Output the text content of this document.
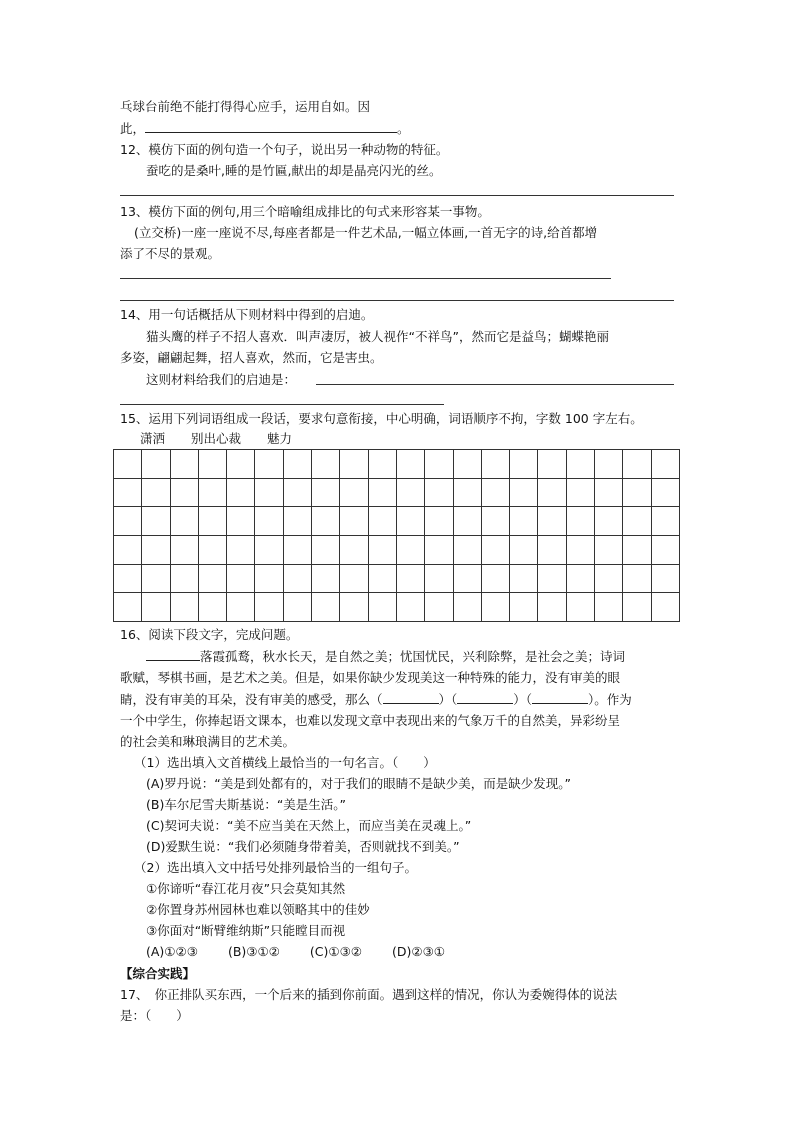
乓球台前绝不能打得得心应手，运用自如。因
此，	。
12、模仿下面的例句造一个句子，说出另一种动物的特征。
蚕吃的是桑叶,睡的是竹匾,献出的却是晶亮闪光的丝。
13、模仿下面的例句,用三个暗喻组成排比的句式来形容某一事物。
(立交桥)一座一座说不尽,每座者都是一件艺术品,一幅立体画,一首无字的诗,给首都增
添了不尽的景观。
14、用一句话概括从下则材料中得到的启迪。
猫头鹰的样子不招人喜欢．叫声凄厉，被人视作“不祥鸟”，然而它是益鸟；蝴蝶艳丽
多姿，翩翩起舞，招人喜欢，然而，它是害虫。
这则材料给我们的启迪是：
15、运用下列词语组成一段话，要求句意衔接，中心明确，词语顺序不拘，字数 100 字左右。
潇洒 别出心裁 魅力
16、阅读下段文字，完成问题。
落霞孤鹜，秋水长天，是自然之美；忧国忧民，兴利除弊，是社会之美；诗词
歌赋，琴棋书画，是艺术之美。但是，如果你缺少发现美这一种特殊的能力，没有审美的眼
睛，没有审美的耳朵，没有审美的感受，那么（	）（	）（	）。作为
一个中学生，你捧起语文课本，也难以发现文章中表现出来的气象万千的自然美，异彩纷呈
的社会美和琳琅满目的艺术美。
（1）选出填入文首横线上最恰当的一句名言。（　　）
(A)罗丹说：“美是到处都有的，对于我们的眼睛不是缺少美，而是缺少发现。”
(B)车尔尼雪夫斯基说：“美是生活。”
(C)契诃夫说：“美不应当美在天然上，而应当美在灵魂上。”
(D)爱默生说：“我们必须随身带着美，否则就找不到美。”
（2）选出填入文中括号处排列最恰当的一组句子。
①你谛听“春江花月夜”只会莫知其然
②你置身苏州园林也难以领略其中的佳妙
③你面对“断臂维纳斯”只能瞠目而视
(A)①②③ (B)③①② (C)①③② (D)②③①
【综合实践】
17、　你正排队买东西，一个后来的插到你前面。遇到这样的情况，你认为委婉得体的说法
是：（　　）
